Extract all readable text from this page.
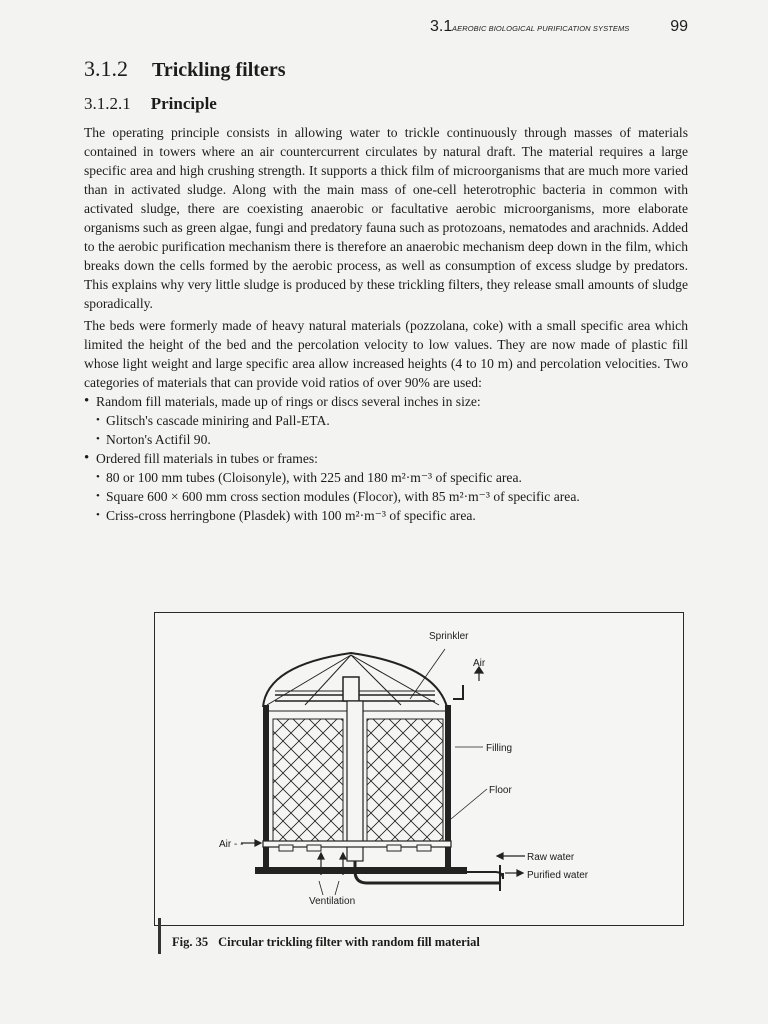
3.1 AEROBIC BIOLOGICAL PURIFICATION SYSTEMS	99
3.1.2 Trickling filters
3.1.2.1 Principle

The operating principle consists in allowing water to trickle continuously through masses of materials contained in towers where an air countercurrent circulates by natural draft. The material requires a large specific area and high crushing strength. It supports a thick film of microorganisms that are much more varied than in activated sludge. Along with the main mass of one-cell heterotrophic bacteria in common with activated sludge, there are coexisting anaerobic or facultative aerobic microorganisms, more elaborate organisms such as green algae, fungi and predatory fauna such as protozoans, nematodes and arachnids. Added to the aerobic purification mechanism there is therefore an anaerobic mechanism deep down in the film, which breaks down the cells formed by the aerobic process, as well as consumption of excess sludge by predators. This explains why very little sludge is produced by these trickling filters, they release small amounts of sludge sporadically.

The beds were formerly made of heavy natural materials (pozzolana, coke) with a small specific area which limited the height of the bed and the percolation velocity to low values. They are now made of plastic fill whose light weight and large specific area allow increased heights (4 to 10 m) and percolation velocities. Two categories of materials that can provide void ratios of over 90% are used:

• Random fill materials, made up of rings or discs several inches in size:
• Glitsch's cascade miniring and Pall-ETA.
• Norton's Actifil 90.
• Ordered fill materials in tubes or frames:
• 80 or 100 mm tubes (Cloisonyle), with 225 and 180 m²·m⁻³ of specific area.
• Square 600 × 600 mm cross section modules (Flocor), with 85 m²·m⁻³ of specific area.
• Criss-cross herringbone (Plasdek) with 100 m²·m⁻³ of specific area.
Sprinkler
Air
Filling
Floor
Air - -
Raw water
Purified water
Ventilation
Fig. 35 Circular trickling filter with random fill material
